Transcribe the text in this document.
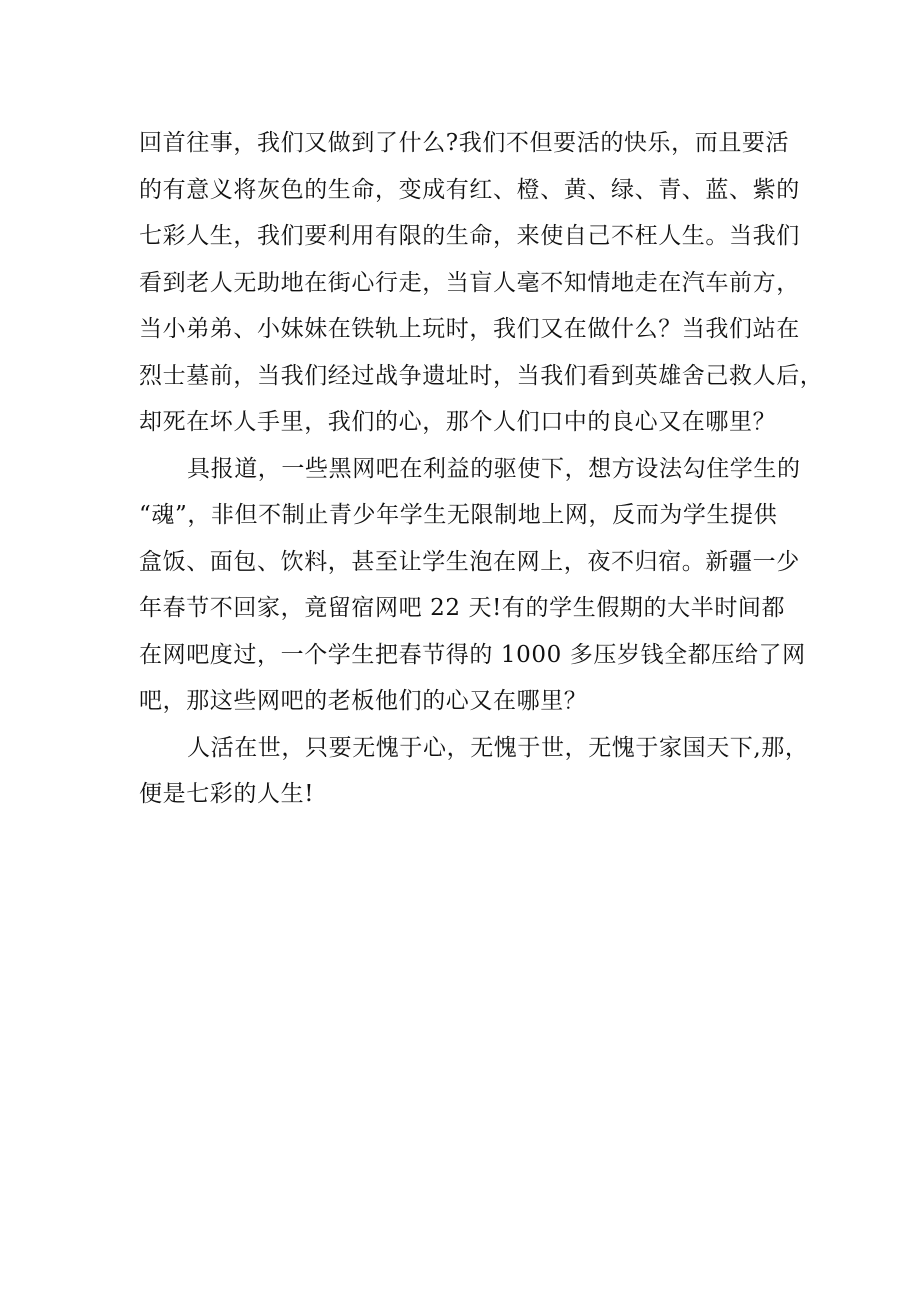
回首往事，我们又做到了什么?我们不但要活的快乐，而且要活
的有意义将灰色的生命，变成有红、橙、黄、绿、青、蓝、紫的
七彩人生，我们要利用有限的生命，来使自己不枉人生。当我们
看到老人无助地在街心行走，当盲人毫不知情地走在汽车前方，
当小弟弟、小妹妹在铁轨上玩时，我们又在做什么？当我们站在
烈士墓前，当我们经过战争遗址时，当我们看到英雄舍己救人后，
却死在坏人手里，我们的心，那个人们口中的良心又在哪里？
具报道，一些黑网吧在利益的驱使下，想方设法勾住学生的
“魂”，非但不制止青少年学生无限制地上网，反而为学生提供
盒饭、面包、饮料，甚至让学生泡在网上，夜不归宿。新疆一少
年春节不回家，竟留宿网吧 22 天!有的学生假期的大半时间都
在网吧度过，一个学生把春节得的 1000 多压岁钱全都压给了网
吧，那这些网吧的老板他们的心又在哪里？
人活在世，只要无愧于心，无愧于世，无愧于家国天下,那，
便是七彩的人生!
